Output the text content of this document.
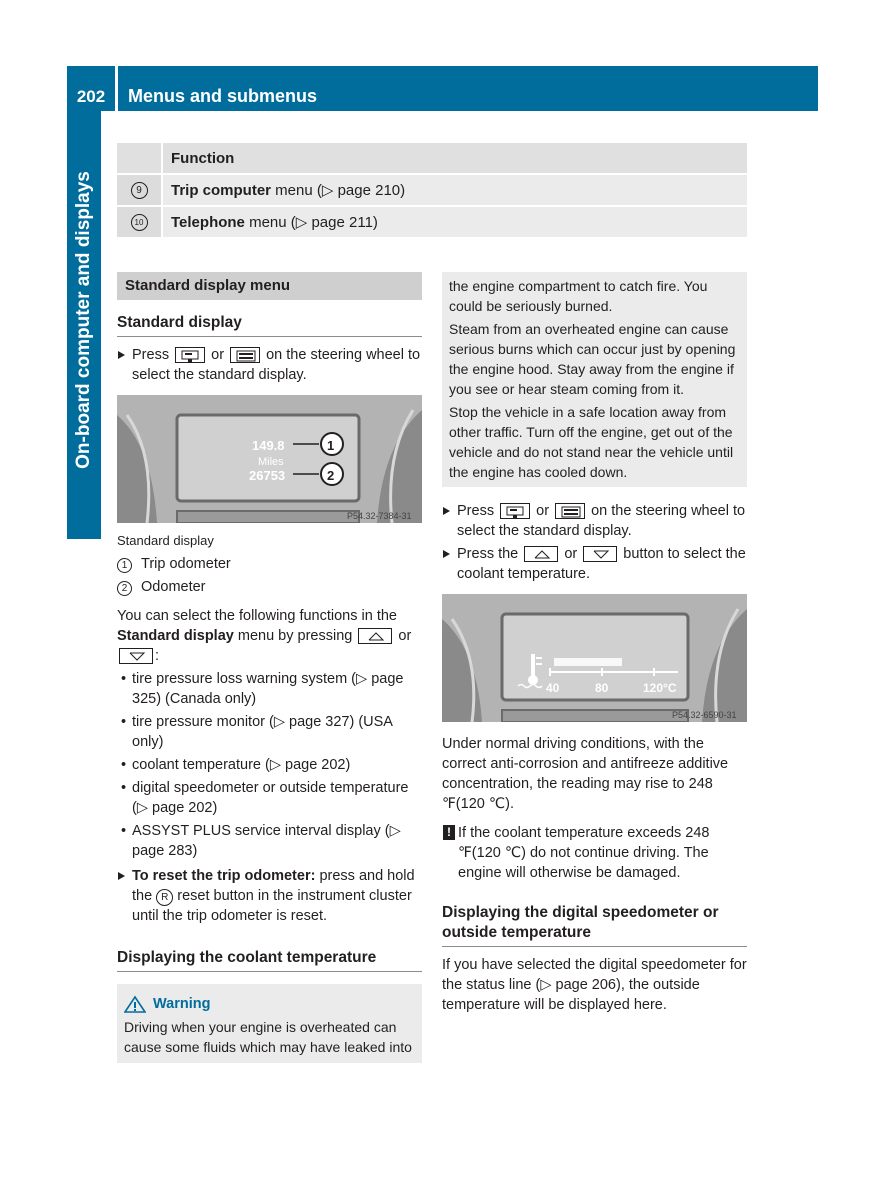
202	Menus and submenus
On-board computer and displays
Function
9	Trip computer menu (▷ page 210)
10 Telephone menu (▷ page 211)
Standard display menu
Standard display
Press	or	on the steering wheel to select the standard display.
149.8
Miles
26753
1
2
P54.32-7384-31
Standard display
1 Trip odometer
2 Odometer
You can select the following functions in the Standard display menu by pressing	or
:
• tire pressure loss warning system (▷ page 325) (Canada only)
• tire pressure monitor (▷ page 327) (USA only)
• coolant temperature (▷ page 202)
• digital speedometer or outside temperature (▷ page 202)
• ASSYST PLUS service interval display (▷ page 283)
To reset the trip odometer: press and hold the R reset button in the instrument cluster until the trip odometer is reset.
Displaying the coolant temperature
Warning
Driving when your engine is overheated can cause some fluids which may have leaked into
the engine compartment to catch fire. You could be seriously burned.
Steam from an overheated engine can cause serious burns which can occur just by opening the engine hood. Stay away from the engine if you see or hear steam coming from it.
Stop the vehicle in a safe location away from other traffic. Turn off the engine, get out of the vehicle and do not stand near the vehicle until the engine has cooled down.
Press	or	on the steering wheel to select the standard display.
Press the	or	button to select the coolant temperature.
40	80	120°C
P54.32-6590-31
Under normal driving conditions, with the correct anti-corrosion and antifreeze additive concentration, the reading may rise to 248 ℉(120 ℃).
! If the coolant temperature exceeds 248 ℉(120 ℃) do not continue driving. The engine will otherwise be damaged.
Displaying the digital speedometer or outside temperature
If you have selected the digital speedometer for the status line (▷ page 206), the outside temperature will be displayed here.
